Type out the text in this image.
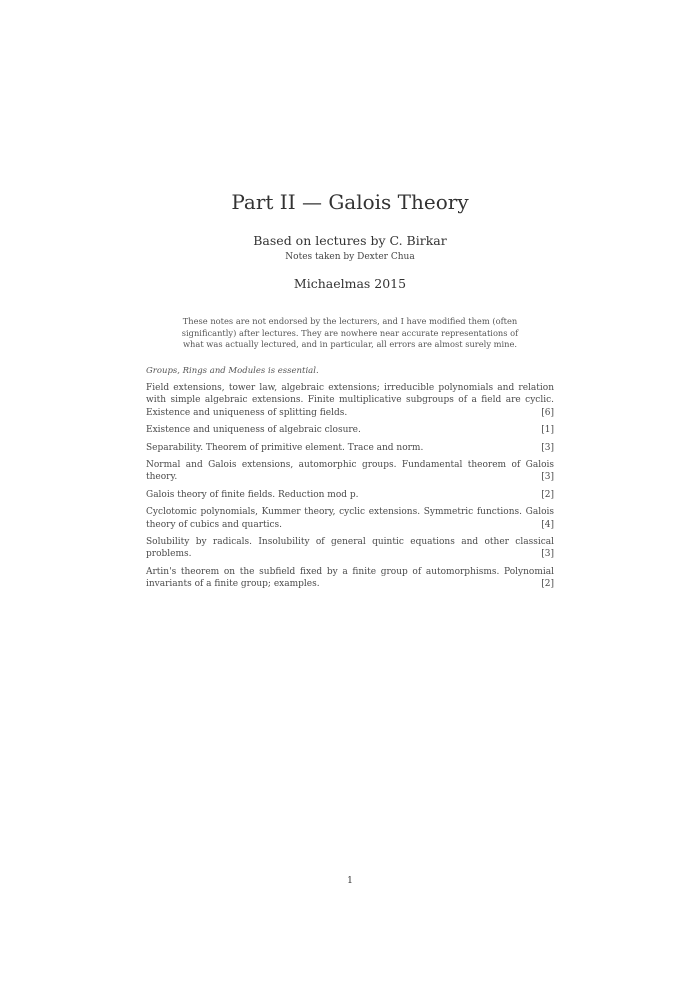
Part II — Galois Theory
Based on lectures by C. Birkar
Notes taken by Dexter Chua
Michaelmas 2015
These notes are not endorsed by the lecturers, and I have modified them (often significantly) after lectures. They are nowhere near accurate representations of what was actually lectured, and in particular, all errors are almost surely mine.
Groups, Rings and Modules is essential.
Field extensions, tower law, algebraic extensions; irreducible polynomials and relation with simple algebraic extensions. Finite multiplicative subgroups of a field are cyclic. Existence and uniqueness of splitting fields.	[6]
Existence and uniqueness of algebraic closure.	[1]
Separability. Theorem of primitive element. Trace and norm.	[3]
Normal and Galois extensions, automorphic groups. Fundamental theorem of Galois theory.	[3]
Galois theory of finite fields. Reduction mod p.	[2]
Cyclotomic polynomials, Kummer theory, cyclic extensions. Symmetric functions. Galois theory of cubics and quartics.	[4]
Solubility by radicals. Insolubility of general quintic equations and other classical problems.	[3]
Artin's theorem on the subfield fixed by a finite group of automorphisms. Polynomial invariants of a finite group; examples.	[2]
1
